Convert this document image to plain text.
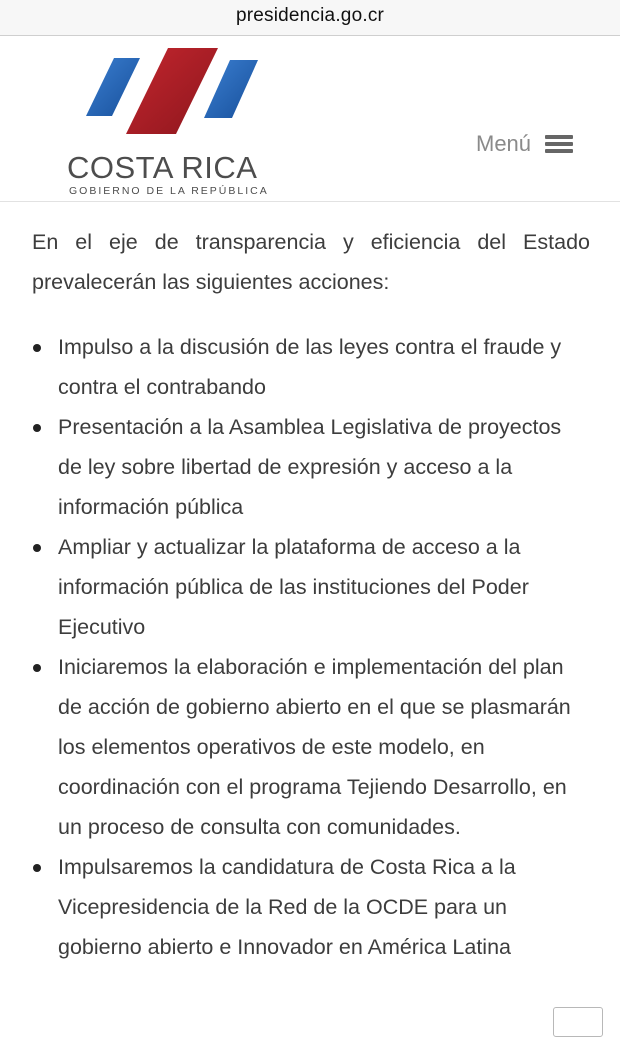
presidencia.go.cr
COSTA RICA
GOBIERNO DE LA REPÚBLICA
Menú

En el eje de transparencia y eficiencia del Estado prevalecerán las siguientes acciones:

Impulso a la discusión de las leyes contra el fraude y contra el contrabando
Presentación a la Asamblea Legislativa de proyectos de ley sobre libertad de expresión y acceso a la información pública
Ampliar y actualizar la plataforma de acceso a la información pública de las instituciones del Poder Ejecutivo
Iniciaremos la elaboración e implementación del plan de acción de gobierno abierto en el que se plasmarán los elementos operativos de este modelo, en coordinación con el programa Tejiendo Desarrollo, en un proceso de consulta con comunidades.
Impulsaremos la candidatura de Costa Rica a la Vicepresidencia de la Red de la OCDE para un gobierno abierto e Innovador en América Latina
